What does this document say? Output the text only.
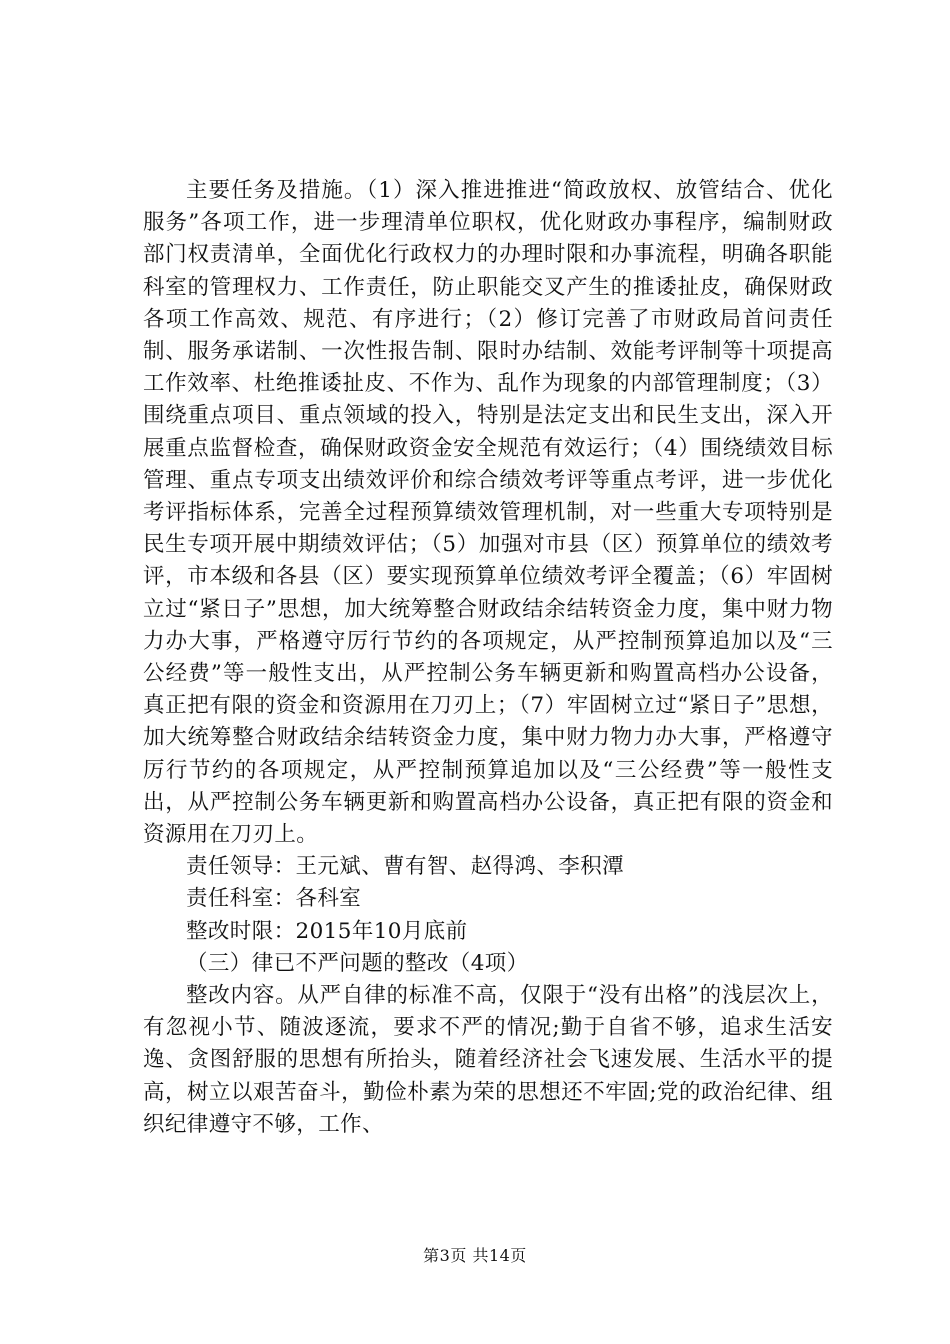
主要任务及措施。（1）深入推进推进“简政放权、放管结合、优化服务”各项工作，进一步理清单位职权，优化财政办事程序，编制财政部门权责清单，全面优化行政权力的办理时限和办事流程，明确各职能科室的管理权力、工作责任，防止职能交叉产生的推诿扯皮，确保财政各项工作高效、规范、有序进行；（2）修订完善了市财政局首问责任制、服务承诺制、一次性报告制、限时办结制、效能考评制等十项提高工作效率、杜绝推诿扯皮、不作为、乱作为现象的内部管理制度；（3）围绕重点项目、重点领域的投入，特别是法定支出和民生支出，深入开展重点监督检查，确保财政资金安全规范有效运行；（4）围绕绩效目标管理、重点专项支出绩效评价和综合绩效考评等重点考评，进一步优化考评指标体系，完善全过程预算绩效管理机制，对一些重大专项特别是民生专项开展中期绩效评估；（5）加强对市县（区）预算单位的绩效考评，市本级和各县（区）要实现预算单位绩效考评全覆盖；（6）牢固树立过“紧日子”思想，加大统筹整合财政结余结转资金力度，集中财力物力办大事，严格遵守厉行节约的各项规定，从严控制预算追加以及“三公经费”等一般性支出，从严控制公务车辆更新和购置高档办公设备，真正把有限的资金和资源用在刀刃上；（7）牢固树立过“紧日子”思想，加大统筹整合财政结余结转资金力度，集中财力物力办大事，严格遵守厉行节约的各项规定，从严控制预算追加以及“三公经费”等一般性支出，从严控制公务车辆更新和购置高档办公设备，真正把有限的资金和资源用在刀刃上。

责任领导：王元斌、曹有智、赵得鸿、李积潭

责任科室：各科室

整改时限：2015年10月底前

（三）律已不严问题的整改（4项）

整改内容。从严自律的标准不高，仅限于“没有出格”的浅层次上，有忽视小节、随波逐流，要求不严的情况;勤于自省不够，追求生活安逸、贪图舒服的思想有所抬头，随着经济社会飞速发展、生活水平的提高，树立以艰苦奋斗，勤俭朴素为荣的思想还不牢固;党的政治纪律、组织纪律遵守不够，工作、

第3页 共14页
